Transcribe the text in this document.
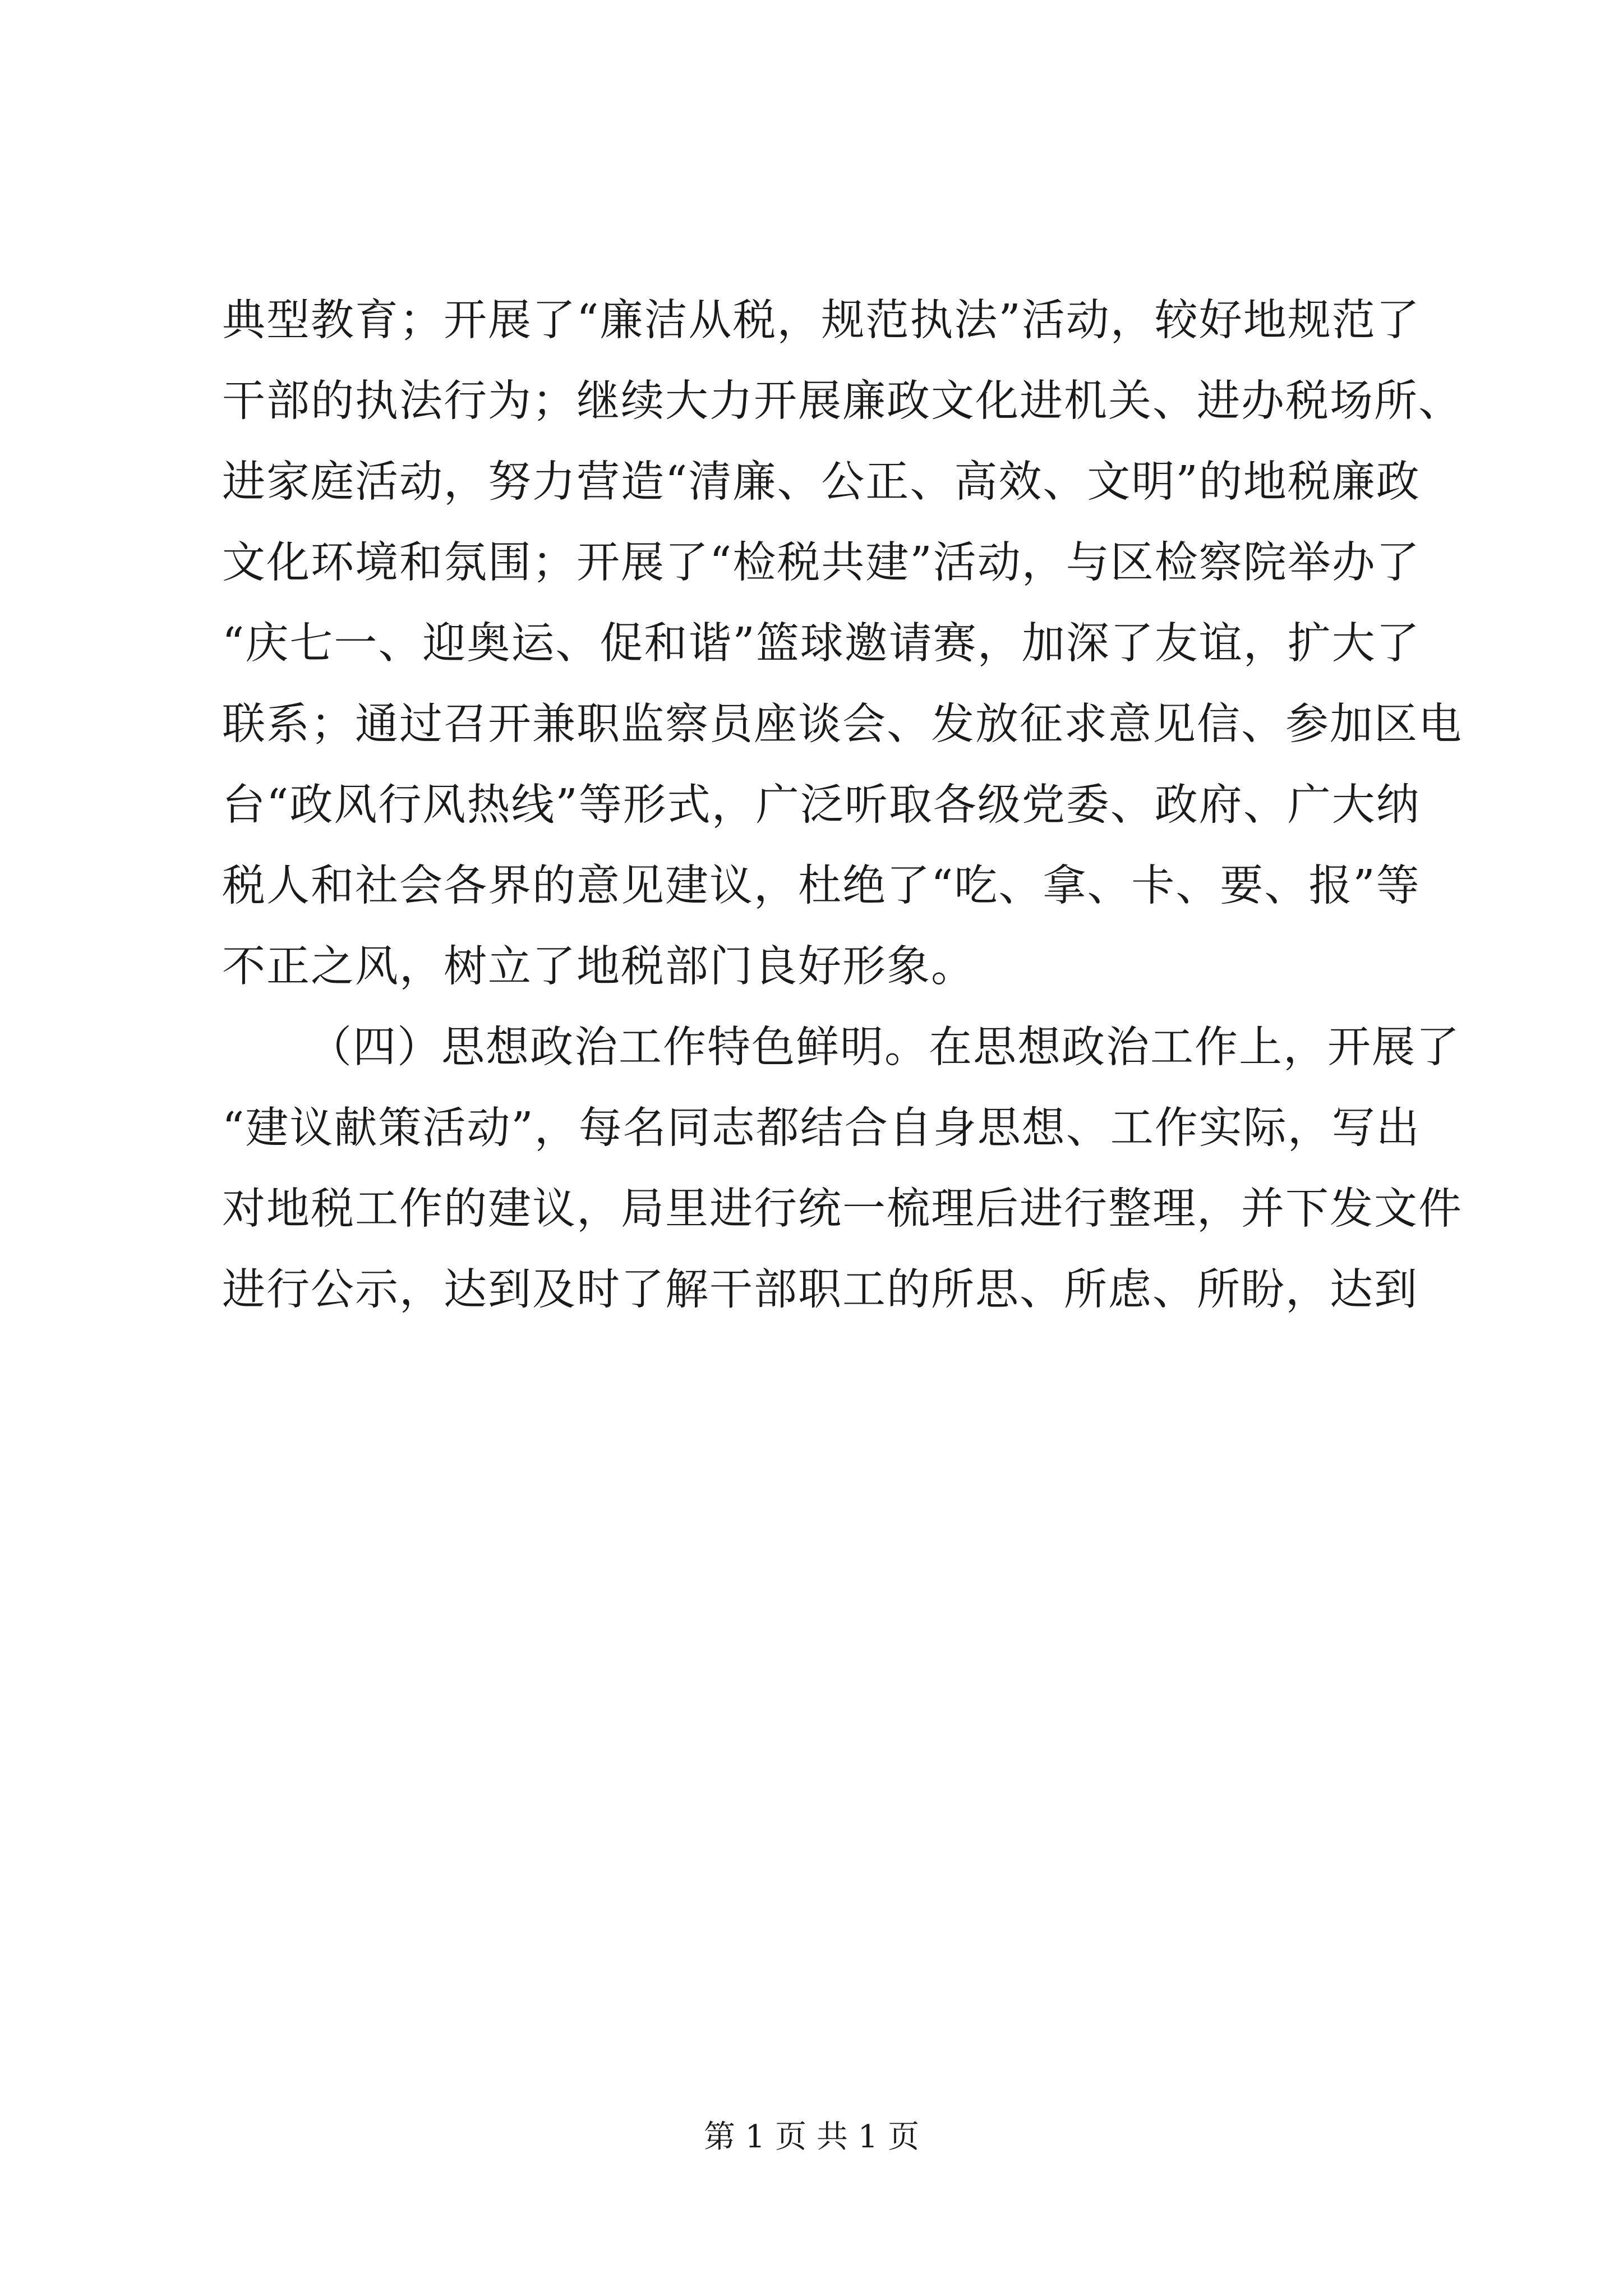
典型教育；开展了“廉洁从税，规范执法”活动，较好地规范了
干部的执法行为；继续大力开展廉政文化进机关、进办税场所、
进家庭活动，努力营造“清廉、公正、高效、文明”的地税廉政
文化环境和氛围；开展了“检税共建”活动，与区检察院举办了
“庆七一、迎奥运、促和谐”篮球邀请赛，加深了友谊，扩大了
联系；通过召开兼职监察员座谈会、发放征求意见信、参加区电
台“政风行风热线”等形式，广泛听取各级党委、政府、广大纳
税人和社会各界的意见建议，杜绝了“吃、拿、卡、要、报”等
不正之风，树立了地税部门良好形象。
（四）思想政治工作特色鲜明。在思想政治工作上，开展了
“建议献策活动”，每名同志都结合自身思想、工作实际，写出
对地税工作的建议，局里进行统一梳理后进行整理，并下发文件
进行公示，达到及时了解干部职工的所思、所虑、所盼，达到
第 1 页 共 1 页
